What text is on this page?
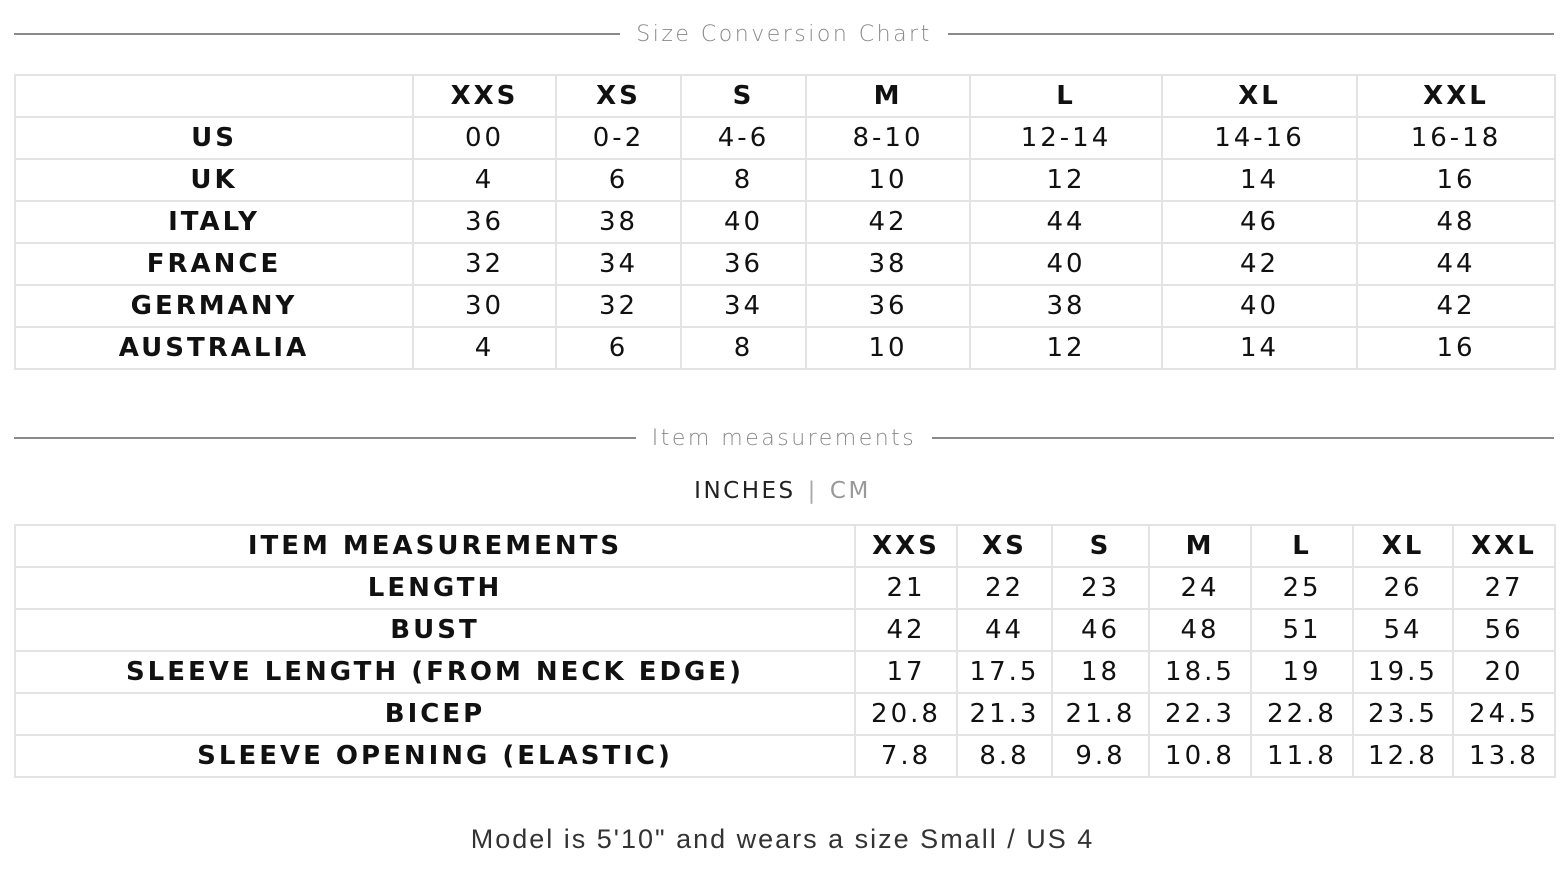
Size Conversion Chart
	XXS	XS	S	M	L	XL	XXL
US	00	0-2	4-6	8-10	12-14	14-16	16-18
UK	4	6	8	10	12	14	16
ITALY	36	38	40	42	44	46	48
FRANCE	32	34	36	38	40	42	44
GERMANY	30	32	34	36	38	40	42
AUSTRALIA	4	6	8	10	12	14	16
Item measurements
INCHES | CM
ITEM MEASUREMENTS	XXS	XS	S	M	L	XL	XXL
LENGTH	21	22	23	24	25	26	27
BUST	42	44	46	48	51	54	56
SLEEVE LENGTH (FROM NECK EDGE)	17	17.5	18	18.5	19	19.5	20
BICEP	20.8	21.3	21.8	22.3	22.8	23.5	24.5
SLEEVE OPENING (ELASTIC)	7.8	8.8	9.8	10.8	11.8	12.8	13.8
Model is 5'10" and wears a size Small / US 4
